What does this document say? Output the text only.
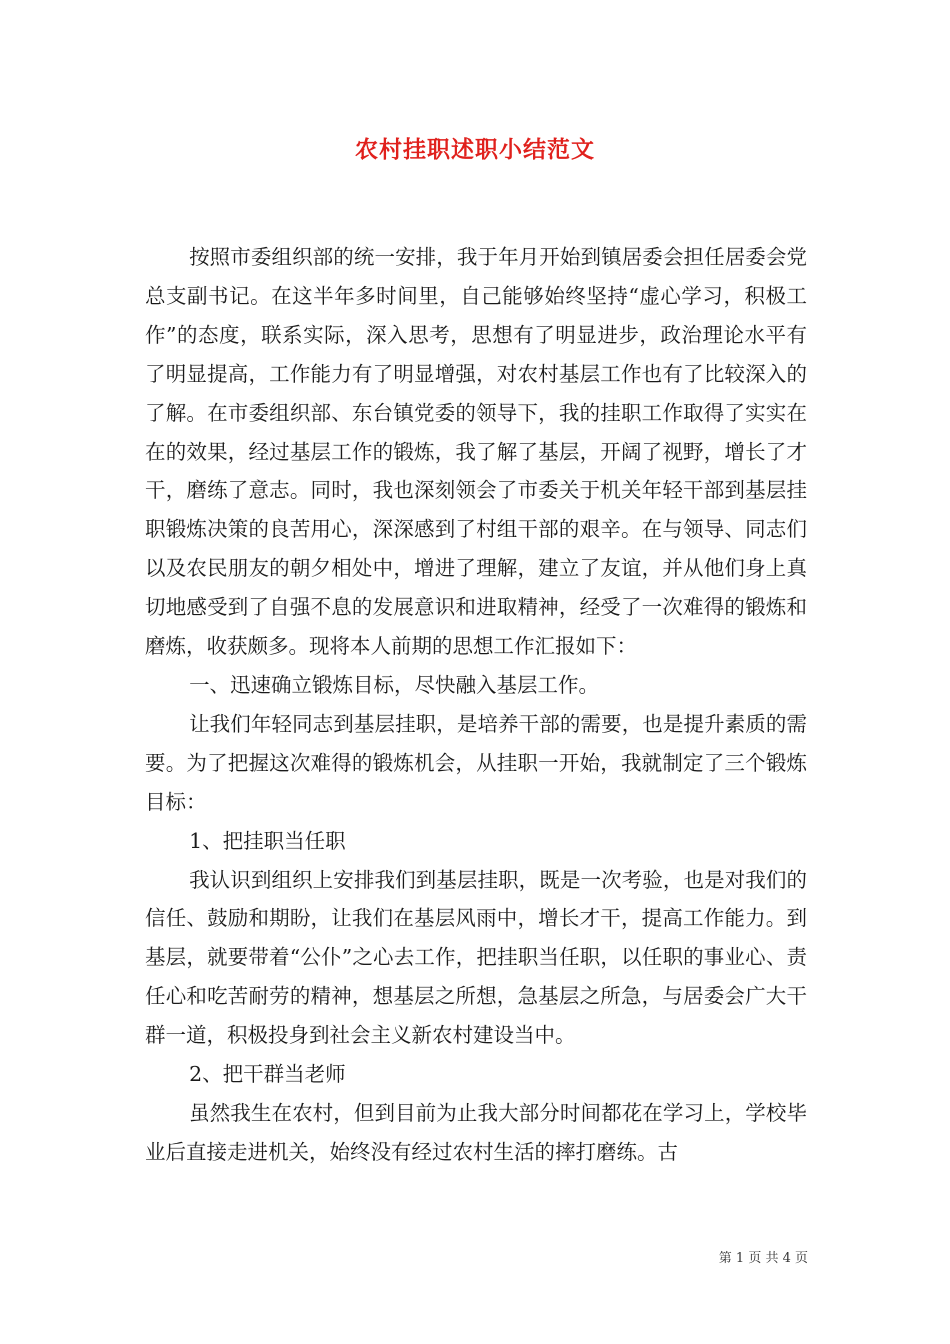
农村挂职述职小结范文

按照市委组织部的统一安排，我于年月开始到镇居委会担任居委会党总支副书记。在这半年多时间里，自己能够始终坚持“虚心学习，积极工作”的态度，联系实际，深入思考，思想有了明显进步，政治理论水平有了明显提高，工作能力有了明显增强，对农村基层工作也有了比较深入的了解。在市委组织部、东台镇党委的领导下，我的挂职工作取得了实实在在的效果，经过基层工作的锻炼，我了解了基层，开阔了视野，增长了才干，磨练了意志。同时，我也深刻领会了市委关于机关年轻干部到基层挂职锻炼决策的良苦用心，深深感到了村组干部的艰辛。在与领导、同志们以及农民朋友的朝夕相处中，增进了理解，建立了友谊，并从他们身上真切地感受到了自强不息的发展意识和进取精神，经受了一次难得的锻炼和磨炼，收获颇多。现将本人前期的思想工作汇报如下：

一、迅速确立锻炼目标，尽快融入基层工作。

让我们年轻同志到基层挂职，是培养干部的需要，也是提升素质的需要。为了把握这次难得的锻炼机会，从挂职一开始，我就制定了三个锻炼目标：

1、把挂职当任职

我认识到组织上安排我们到基层挂职，既是一次考验，也是对我们的信任、鼓励和期盼，让我们在基层风雨中，增长才干，提高工作能力。到基层，就要带着“公仆”之心去工作，把挂职当任职，以任职的事业心、责任心和吃苦耐劳的精神，想基层之所想，急基层之所急，与居委会广大干群一道，积极投身到社会主义新农村建设当中。

2、把干群当老师

虽然我生在农村，但到目前为止我大部分时间都花在学习上，学校毕业后直接走进机关，始终没有经过农村生活的摔打磨练。古

第 1 页 共 4 页
